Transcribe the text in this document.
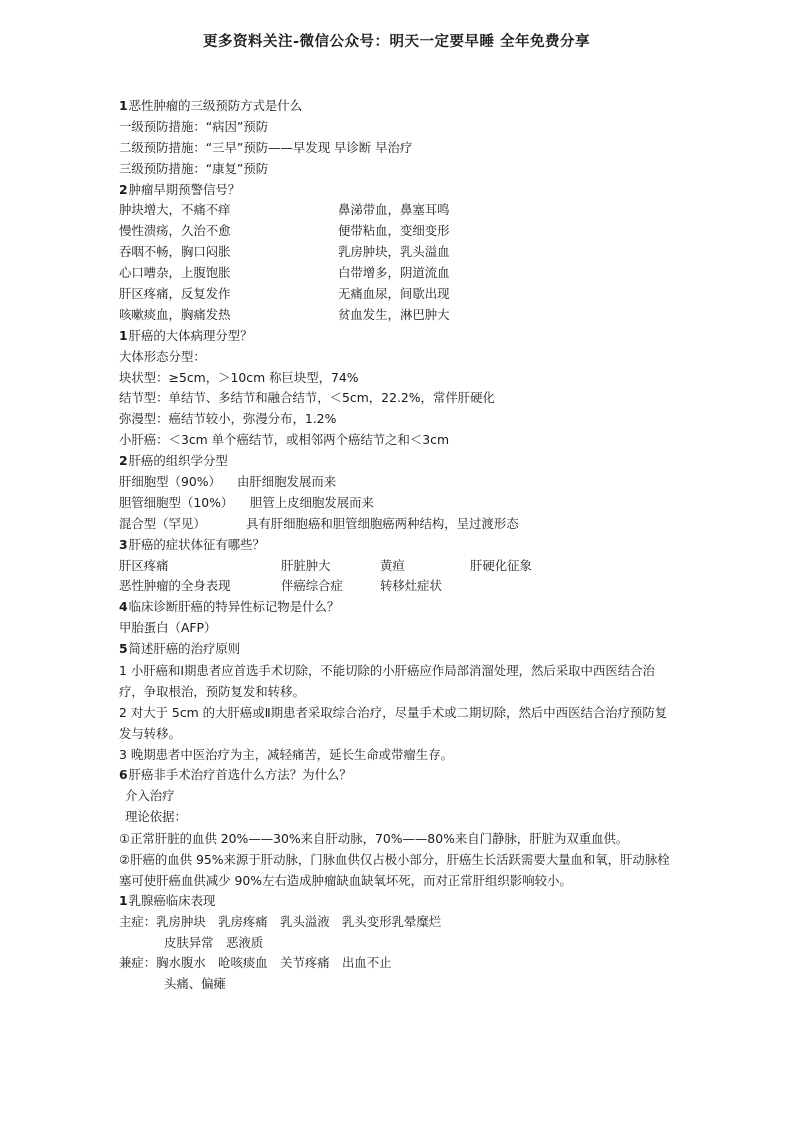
更多资料关注-微信公众号：明天一定要早睡 全年免费分享
1恶性肿瘤的三级预防方式是什么
一级预防措施：“病因”预防
二级预防措施：“三早”预防——早发现 早诊断 早治疗
三级预防措施：“康复”预防
2肿瘤早期预警信号？
肿块增大，不痛不痒	鼻涕带血，鼻塞耳鸣
慢性溃疡，久治不愈	便带粘血，变细变形
吞咽不畅，胸口闷胀	乳房肿块，乳头溢血
心口嘈杂，上腹饱胀	白带增多，阴道流血
肝区疼痛，反复发作	无痛血尿，间歇出现
咳嗽痰血，胸痛发热	贫血发生，淋巴肿大
1肝癌的大体病理分型？
大体形态分型：
块状型：≥5cm，＞10cm 称巨块型，74%
结节型：单结节、多结节和融合结节，＜5cm，22.2%，常伴肝硬化
弥漫型：癌结节较小，弥漫分布，1.2%
小肝癌：＜3cm 单个癌结节，或相邻两个癌结节之和＜3cm
2肝癌的组织学分型
肝细胞型（90%） 由肝细胞发展而来
胆管细胞型（10%） 胆管上皮细胞发展而来
混合型（罕见）	具有肝细胞癌和胆管细胞癌两种结构，呈过渡形态
3肝癌的症状体征有哪些？
肝区疼痛	肝脏肿大	黄疸	肝硬化征象
恶性肿瘤的全身表现	伴癌综合症	转移灶症状
4临床诊断肝癌的特异性标记物是什么？
甲胎蛋白（AFP）
5简述肝癌的治疗原则
1 小肝癌和Ⅰ期患者应首选手术切除，不能切除的小肝癌应作局部消溜处理，然后采取中西医结合治疗，争取根治，预防复发和转移。
2 对大于 5cm 的大肝癌或Ⅱ期患者采取综合治疗，尽量手术或二期切除，然后中西医结合治疗预防复发与转移。
3 晚期患者中医治疗为主，减轻痛苦，延长生命或带瘤生存。
6肝癌非手术治疗首选什么方法？为什么？
介入治疗
理论依据：
①正常肝脏的血供 20%——30%来自肝动脉，70%——80%来自门静脉，肝脏为双重血供。
②肝癌的血供 95%来源于肝动脉，门脉血供仅占极小部分，肝癌生长活跃需要大量血和氧，肝动脉栓塞可使肝癌血供减少 90%左右造成肿瘤缺血缺氧坏死，而对正常肝组织影响较小。
1乳腺癌临床表现
主症：乳房肿块　乳房疼痛　乳头溢液　乳头变形乳晕糜烂
皮肤异常　恶液质
兼症：胸水腹水　呛咳痰血　关节疼痛　出血不止
头痛、偏瘫
